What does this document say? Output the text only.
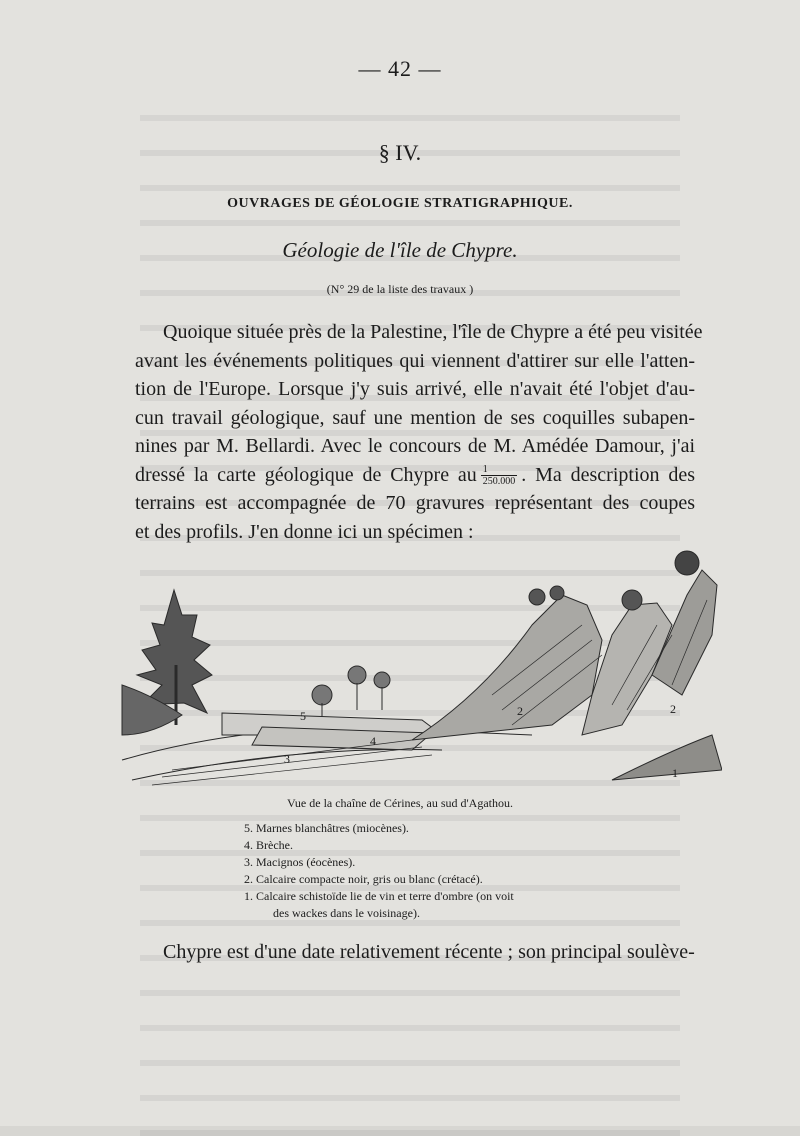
— 42 —
§ IV.
OUVRAGES DE GÉOLOGIE STRATIGRAPHIQUE.
Géologie de l'île de Chypre.
(N° 29 de la liste des travaux )
Quoique située près de la Palestine, l'île de Chypre a été peu visitée
avant les événements politiques qui viennent d'attirer sur elle l'atten-
tion de l'Europe. Lorsque j'y suis arrivé, elle n'avait été l'objet d'au-
cun travail géologique, sauf une mention de ses coquilles subapen-
nines par M. Bellardi. Avec le concours de M. Amédée Damour, j'ai
dressé la carte géologique de Chypre au $\frac{1}{250.000}$ . Ma description des
terrains est accompagnée de 70 gravures représentant des coupes
et des profils. J'en donne ici un spécimen :
5
4
3
2	2
1
Vue de la chaîne de Cérines, au sud d'Agathou.
5. Marnes blanchâtres (miocènes).
4. Brèche.
3. Macignos (éocènes).
2. Calcaire compacte noir, gris ou blanc (crétacé).
1. Calcaire schistoïde lie de vin et terre d'ombre (on voit
des wackes dans le voisinage).
Chypre est d'une date relativement récente ; son principal soulève-
